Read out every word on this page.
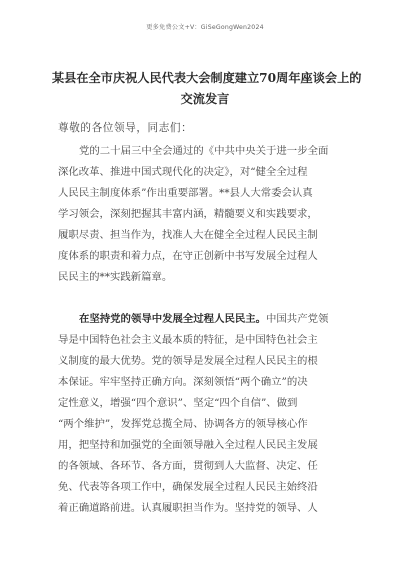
更多免费公文+V：GiSeGongWen2024
某县在全市庆祝人民代表大会制度建立70周年座谈会上的
交流发言
尊敬的各位领导，同志们：
党的二十届三中全会通过的《中共中央关于进一步全面
深化改革、推进中国式现代化的决定》，对“健全全过程
人民民主制度体系”作出重要部署。**县人大常委会认真
学习领会，深刻把握其丰富内涵，精髓要义和实践要求，
履职尽责、担当作为，找准人大在健全全过程人民民主制
度体系的职责和着力点，在守正创新中书写发展全过程人
民民主的**实践新篇章。
在坚持党的领导中发展全过程人民民主。中国共产党领
导是中国特色社会主义最本质的特征，是中国特色社会主
义制度的最大优势。党的领导是发展全过程人民民主的根
本保证。牢牢坚持正确方向。深刻领悟“两个确立”的决
定性意义，增强“四个意识”、坚定“四个自信”、做到
“两个维护”，发挥党总揽全局、协调各方的领导核心作
用，把坚持和加强党的全面领导融入全过程人民民主发展
的各领域、各环节、各方面，贯彻到人大监督、决定、任
免、代表等各项工作中，确保发展全过程人民民主始终沿
着正确道路前进。认真履职担当作为。坚持党的领导、人
